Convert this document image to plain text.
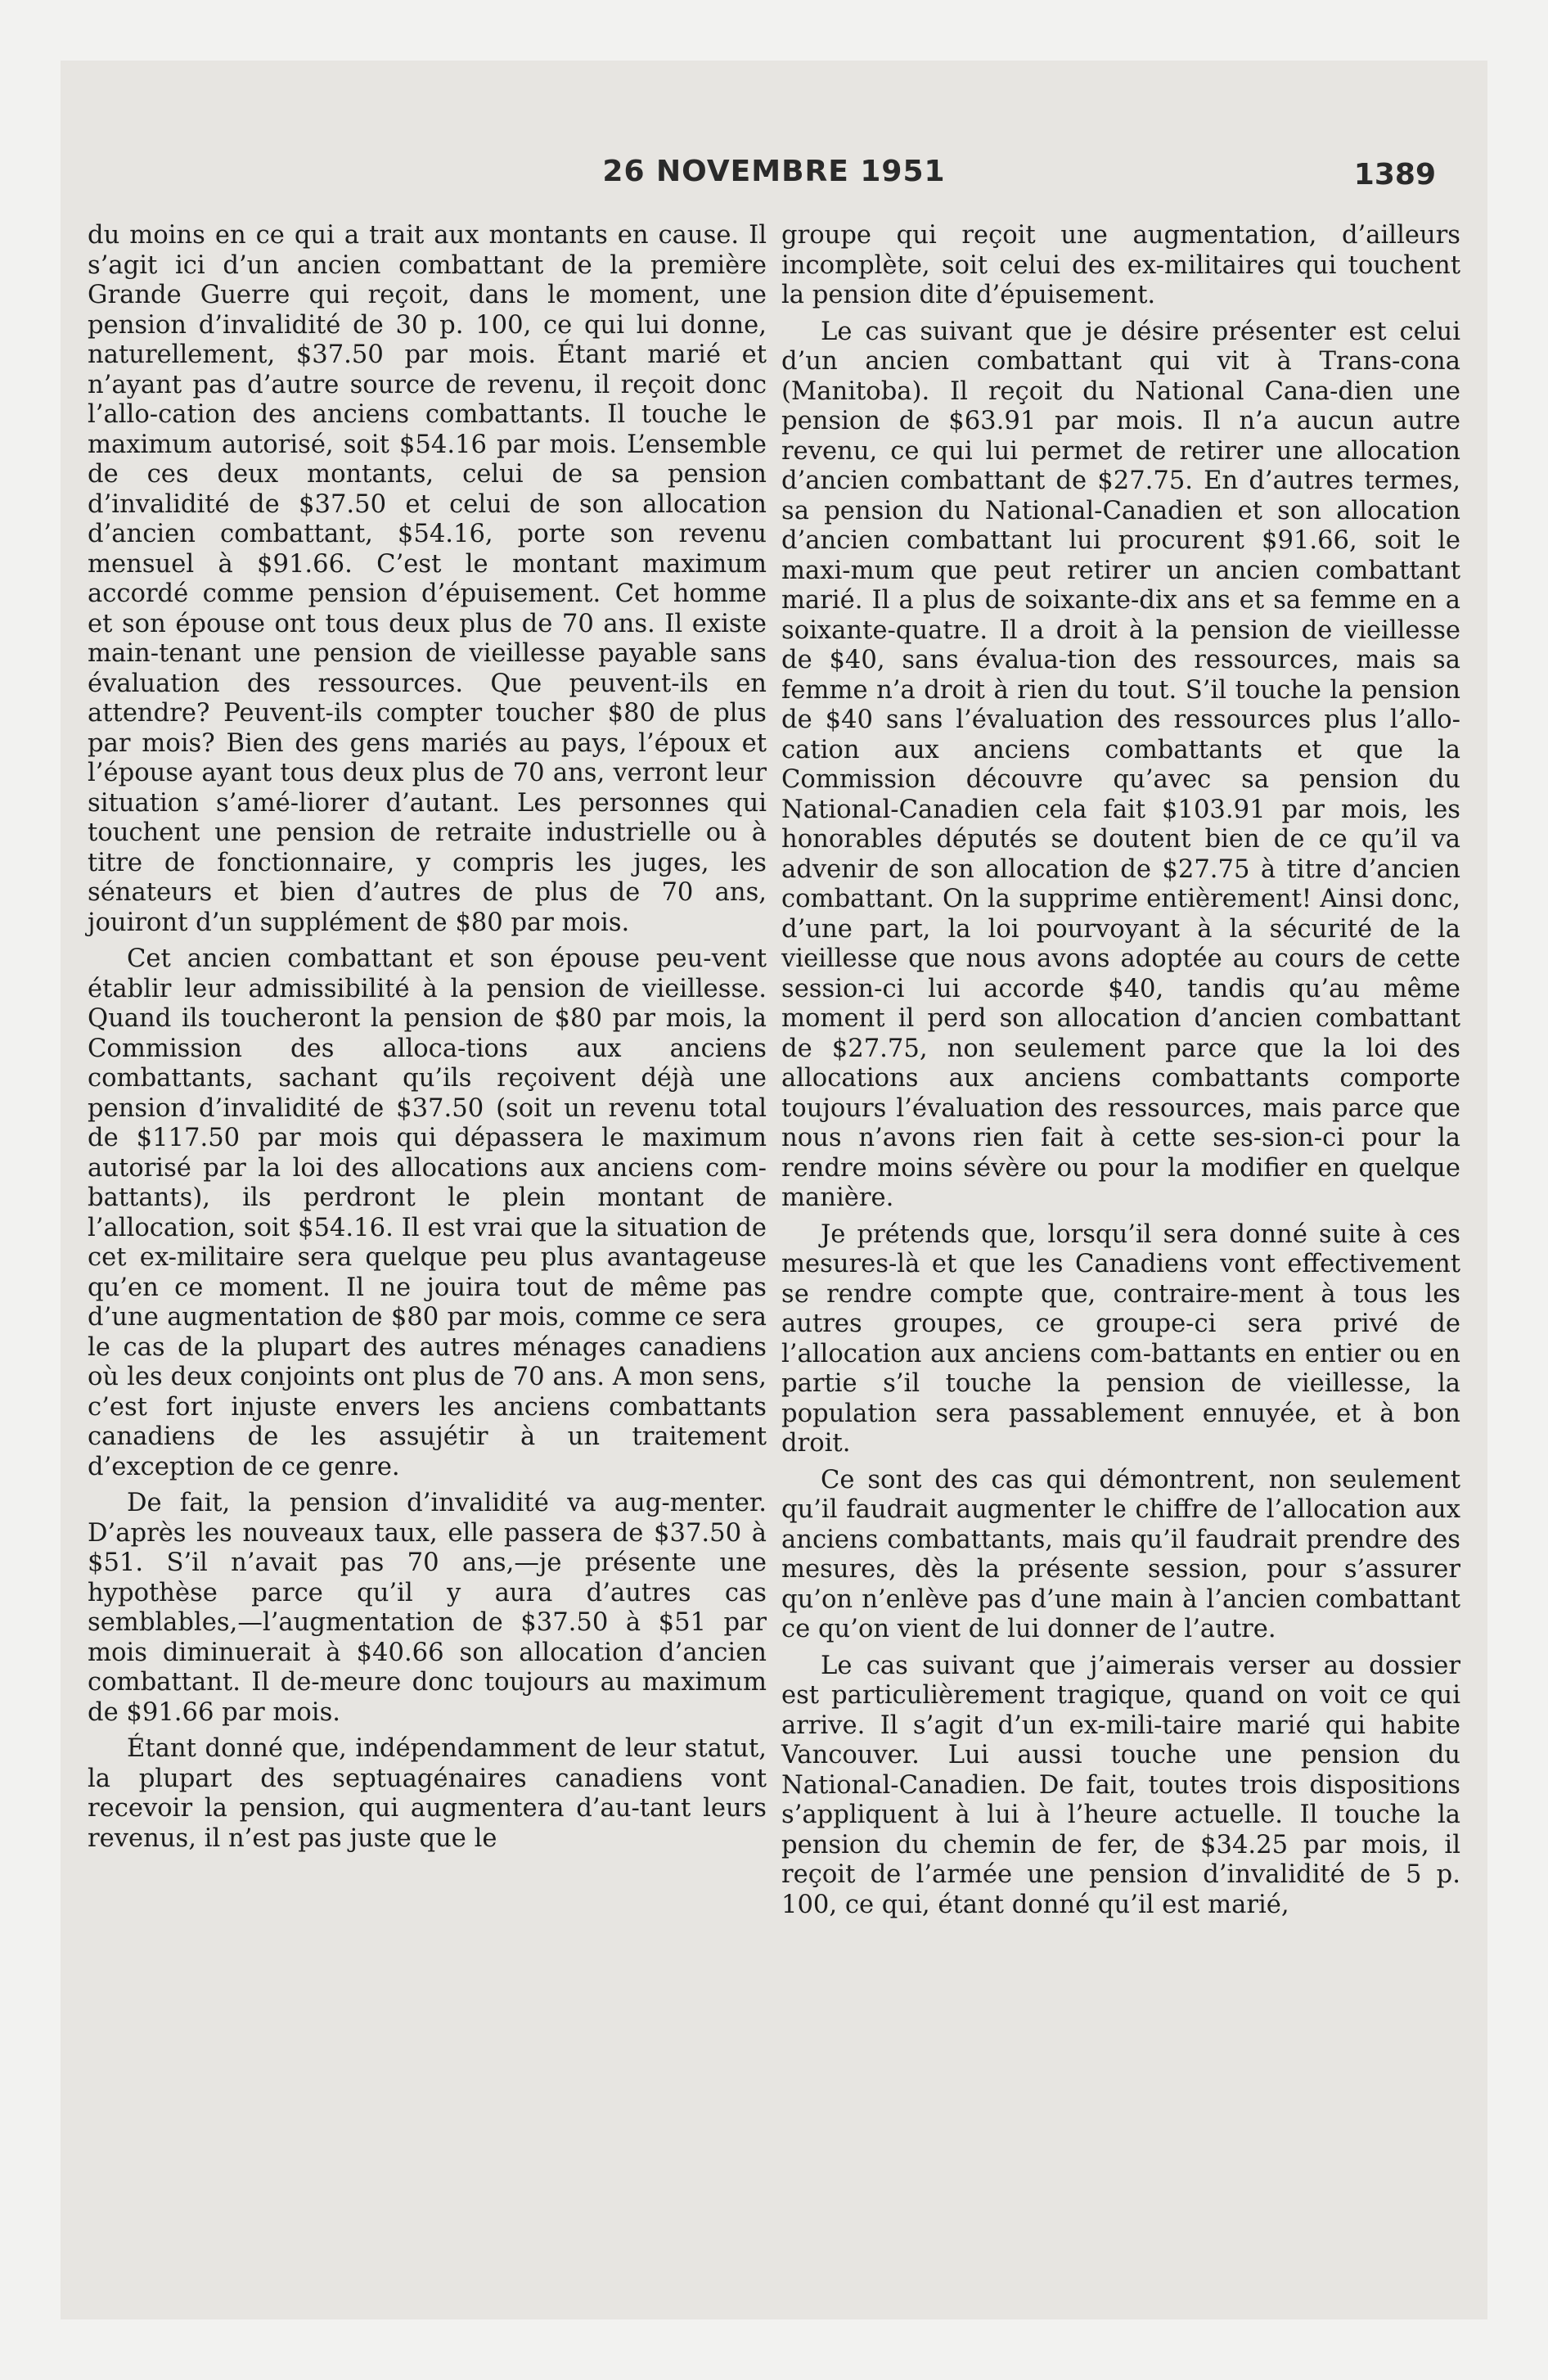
26 NOVEMBRE 1951	1389

du moins en ce qui a trait aux montants en cause. Il s’agit ici d’un ancien combattant de la première Grande Guerre qui reçoit, dans le moment, une pension d’invalidité de 30 p. 100, ce qui lui donne, naturellement, $37.50 par mois. Étant marié et n’ayant pas d’autre source de revenu, il reçoit donc l’allo-cation des anciens combattants. Il touche le maximum autorisé, soit $54.16 par mois. L’ensemble de ces deux montants, celui de sa pension d’invalidité de $37.50 et celui de son allocation d’ancien combattant, $54.16, porte son revenu mensuel à $91.66. C’est le montant maximum accordé comme pension d’épuisement. Cet homme et son épouse ont tous deux plus de 70 ans. Il existe main-tenant une pension de vieillesse payable sans évaluation des ressources. Que peuvent-ils en attendre? Peuvent-ils compter toucher $80 de plus par mois? Bien des gens mariés au pays, l’époux et l’épouse ayant tous deux plus de 70 ans, verront leur situation s’amé-liorer d’autant. Les personnes qui touchent une pension de retraite industrielle ou à titre de fonctionnaire, y compris les juges, les sénateurs et bien d’autres de plus de 70 ans, jouiront d’un supplément de $80 par mois.

Cet ancien combattant et son épouse peu-vent établir leur admissibilité à la pension de vieillesse. Quand ils toucheront la pension de $80 par mois, la Commission des alloca-tions aux anciens combattants, sachant qu’ils reçoivent déjà une pension d’invalidité de $37.50 (soit un revenu total de $117.50 par mois qui dépassera le maximum autorisé par la loi des allocations aux anciens com-battants), ils perdront le plein montant de l’allocation, soit $54.16. Il est vrai que la situation de cet ex-militaire sera quelque peu plus avantageuse qu’en ce moment. Il ne jouira tout de même pas d’une augmentation de $80 par mois, comme ce sera le cas de la plupart des autres ménages canadiens où les deux conjoints ont plus de 70 ans. A mon sens, c’est fort injuste envers les anciens combattants canadiens de les assujétir à un traitement d’exception de ce genre.

De fait, la pension d’invalidité va aug-menter. D’après les nouveaux taux, elle passera de $37.50 à $51. S’il n’avait pas 70 ans,—je présente une hypothèse parce qu’il y aura d’autres cas semblables,—l’augmentation de $37.50 à $51 par mois diminuerait à $40.66 son allocation d’ancien combattant. Il de-meure donc toujours au maximum de $91.66 par mois.

Étant donné que, indépendamment de leur statut, la plupart des septuagénaires canadiens vont recevoir la pension, qui augmentera d’au-tant leurs revenus, il n’est pas juste que le

groupe qui reçoit une augmentation, d’ailleurs incomplète, soit celui des ex-militaires qui touchent la pension dite d’épuisement.

Le cas suivant que je désire présenter est celui d’un ancien combattant qui vit à Trans-cona (Manitoba). Il reçoit du National Cana-dien une pension de $63.91 par mois. Il n’a aucun autre revenu, ce qui lui permet de retirer une allocation d’ancien combattant de $27.75. En d’autres termes, sa pension du National-Canadien et son allocation d’ancien combattant lui procurent $91.66, soit le maxi-mum que peut retirer un ancien combattant marié. Il a plus de soixante-dix ans et sa femme en a soixante-quatre. Il a droit à la pension de vieillesse de $40, sans évalua-tion des ressources, mais sa femme n’a droit à rien du tout. S’il touche la pension de $40 sans l’évaluation des ressources plus l’allo-cation aux anciens combattants et que la Commission découvre qu’avec sa pension du National-Canadien cela fait $103.91 par mois, les honorables députés se doutent bien de ce qu’il va advenir de son allocation de $27.75 à titre d’ancien combattant. On la supprime entièrement! Ainsi donc, d’une part, la loi pourvoyant à la sécurité de la vieillesse que nous avons adoptée au cours de cette session-ci lui accorde $40, tandis qu’au même moment il perd son allocation d’ancien combattant de $27.75, non seulement parce que la loi des allocations aux anciens combattants comporte toujours l’évaluation des ressources, mais parce que nous n’avons rien fait à cette ses-sion-ci pour la rendre moins sévère ou pour la modifier en quelque manière.

Je prétends que, lorsqu’il sera donné suite à ces mesures-là et que les Canadiens vont effectivement se rendre compte que, contraire-ment à tous les autres groupes, ce groupe-ci sera privé de l’allocation aux anciens com-battants en entier ou en partie s’il touche la pension de vieillesse, la population sera passablement ennuyée, et à bon droit.

Ce sont des cas qui démontrent, non seulement qu’il faudrait augmenter le chiffre de l’allocation aux anciens combattants, mais qu’il faudrait prendre des mesures, dès la présente session, pour s’assurer qu’on n’enlève pas d’une main à l’ancien combattant ce qu’on vient de lui donner de l’autre.

Le cas suivant que j’aimerais verser au dossier est particulièrement tragique, quand on voit ce qui arrive. Il s’agit d’un ex-mili-taire marié qui habite Vancouver. Lui aussi touche une pension du National-Canadien. De fait, toutes trois dispositions s’appliquent à lui à l’heure actuelle. Il touche la pension du chemin de fer, de $34.25 par mois, il reçoit de l’armée une pension d’invalidité de 5 p. 100, ce qui, étant donné qu’il est marié,
